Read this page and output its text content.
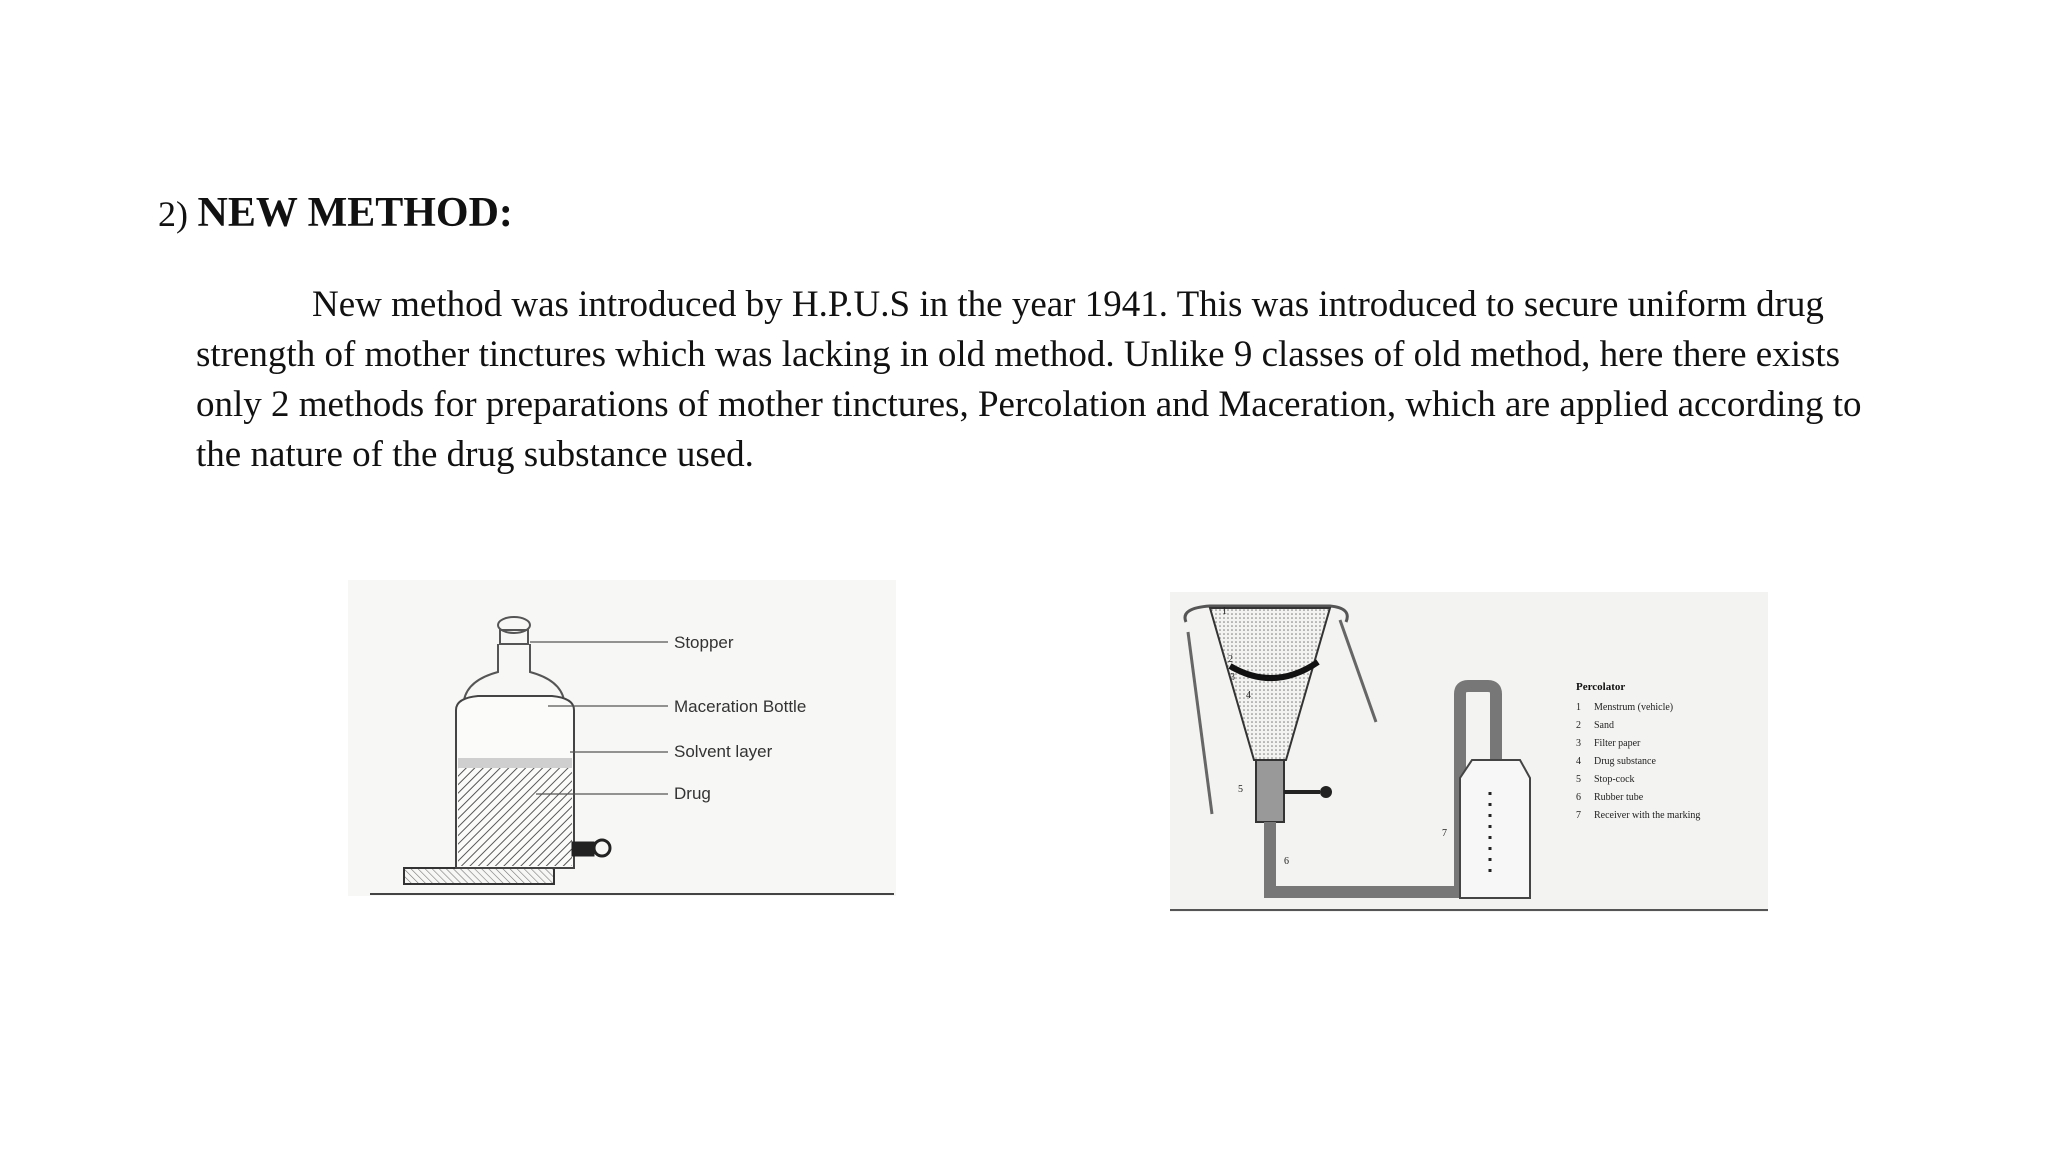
2) NEW METHOD:
New method was introduced by H.P.U.S in the year 1941. This was introduced to secure uniform drug strength of mother tinctures which was lacking in old method. Unlike 9 classes of old method, here there exists only 2 methods for preparations of mother tinctures, Percolation and Maceration, which are applied according to the nature of the drug substance used.
Stopper
Maceration Bottle
Solvent layer
Drug
1
2
3
4
5
6
7
Percolator
1 Menstrum (vehicle)
2 Sand
3 Filter paper
4 Drug substance
5 Stop-cock
6 Rubber tube
7 Receiver with the marking
